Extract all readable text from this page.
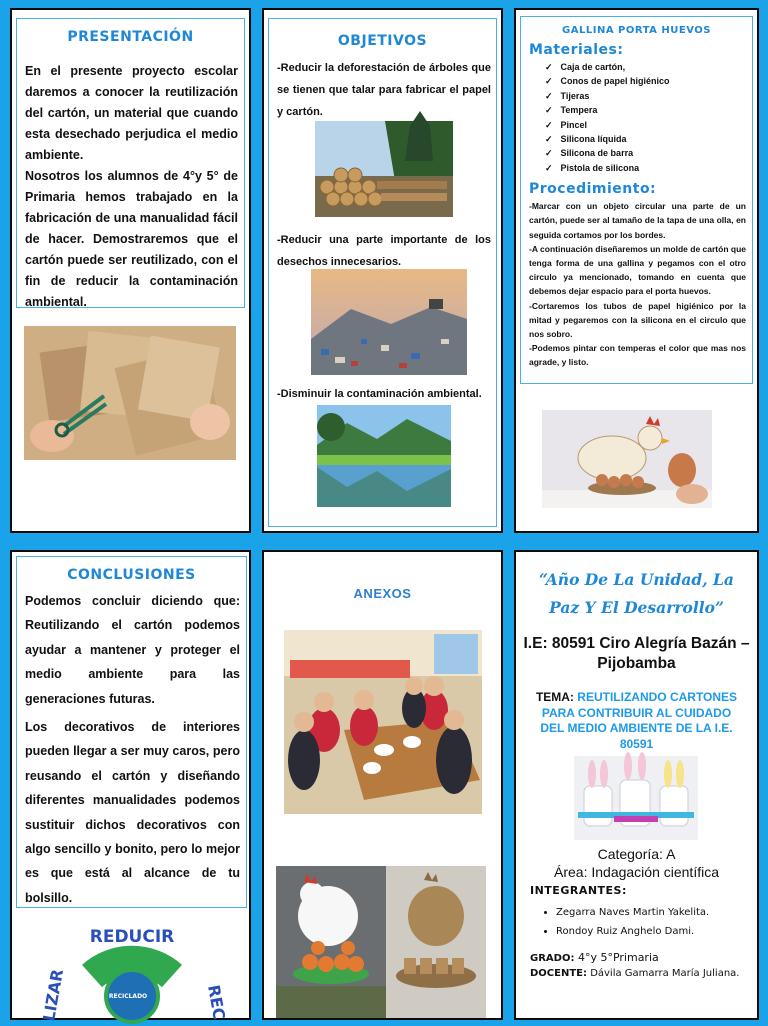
PRESENTACIÓN

En el presente proyecto escolar daremos a conocer la reutilización del cartón, un material que cuando esta desechado perjudica el medio ambiente.

Nosotros los alumnos de 4°y 5° de Primaria hemos trabajado en la fabricación de una manualidad fácil de hacer. Demostraremos que el cartón puede ser reutilizado, con el fin de reducir la contaminación ambiental.

OBJETIVOS
-Reducir la deforestación de árboles que se tienen que talar para fabricar el papel y cartón.
-Reducir una parte importante de los desechos innecesarios.
-Disminuir la contaminación ambiental.
GALLINA PORTA HUEVOS
Materiales:
✓ Caja de cartón,
✓ Conos de papel higiénico
✓ Tijeras
✓ Tempera
✓ Pincel
✓ Silicona líquida
✓ Silicona de barra
✓ Pistola de silicona
Procedimiento:

-Marcar con un objeto circular una parte de un cartón, puede ser al tamaño de la tapa de una olla, en seguida cortamos por los bordes.

-A continuación diseñaremos un molde de cartón que tenga forma de una gallina y pegamos con el otro circulo ya mencionado, tomando en cuenta que debemos dejar espacio para el porta huevos.

-Cortaremos los tubos de papel higiénico por la mitad y pegaremos con la silicona en el circulo que nos sobro.

-Podemos pintar con temperas el color que mas nos agrade, y listo.

CONCLUSIONES

Podemos concluir diciendo que: Reutilizando el cartón podemos ayudar a mantener y proteger el medio ambiente para las generaciones futuras.

Los decorativos de interiores pueden llegar a ser muy caros, pero reusando el cartón y diseñando diferentes manualidades podemos sustituir dichos decorativos con algo sencillo y bonito, pero lo mejor es que está al alcance de tu bolsillo.

REDUCIR
RECICLADO
LIZAR	REC
ANEXOS
“Año De La Unidad, La Paz Y El Desarrollo”
I.E: 80591 Ciro Alegría Bazán – Pijobamba
TEMA: REUTILIZANDO CARTONES PARA CONTRIBUIR AL CUIDADO DEL MEDIO AMBIENTE DE LA I.E. 80591
Categoría: A
Área: Indagación científica
INTEGRANTES:
• Zegarra Naves Martin Yakelita.
• Rondoy Ruiz Anghelo Dami.
GRADO: 4°y 5°Primaria
DOCENTE: Dávila Gamarra María Juliana.
